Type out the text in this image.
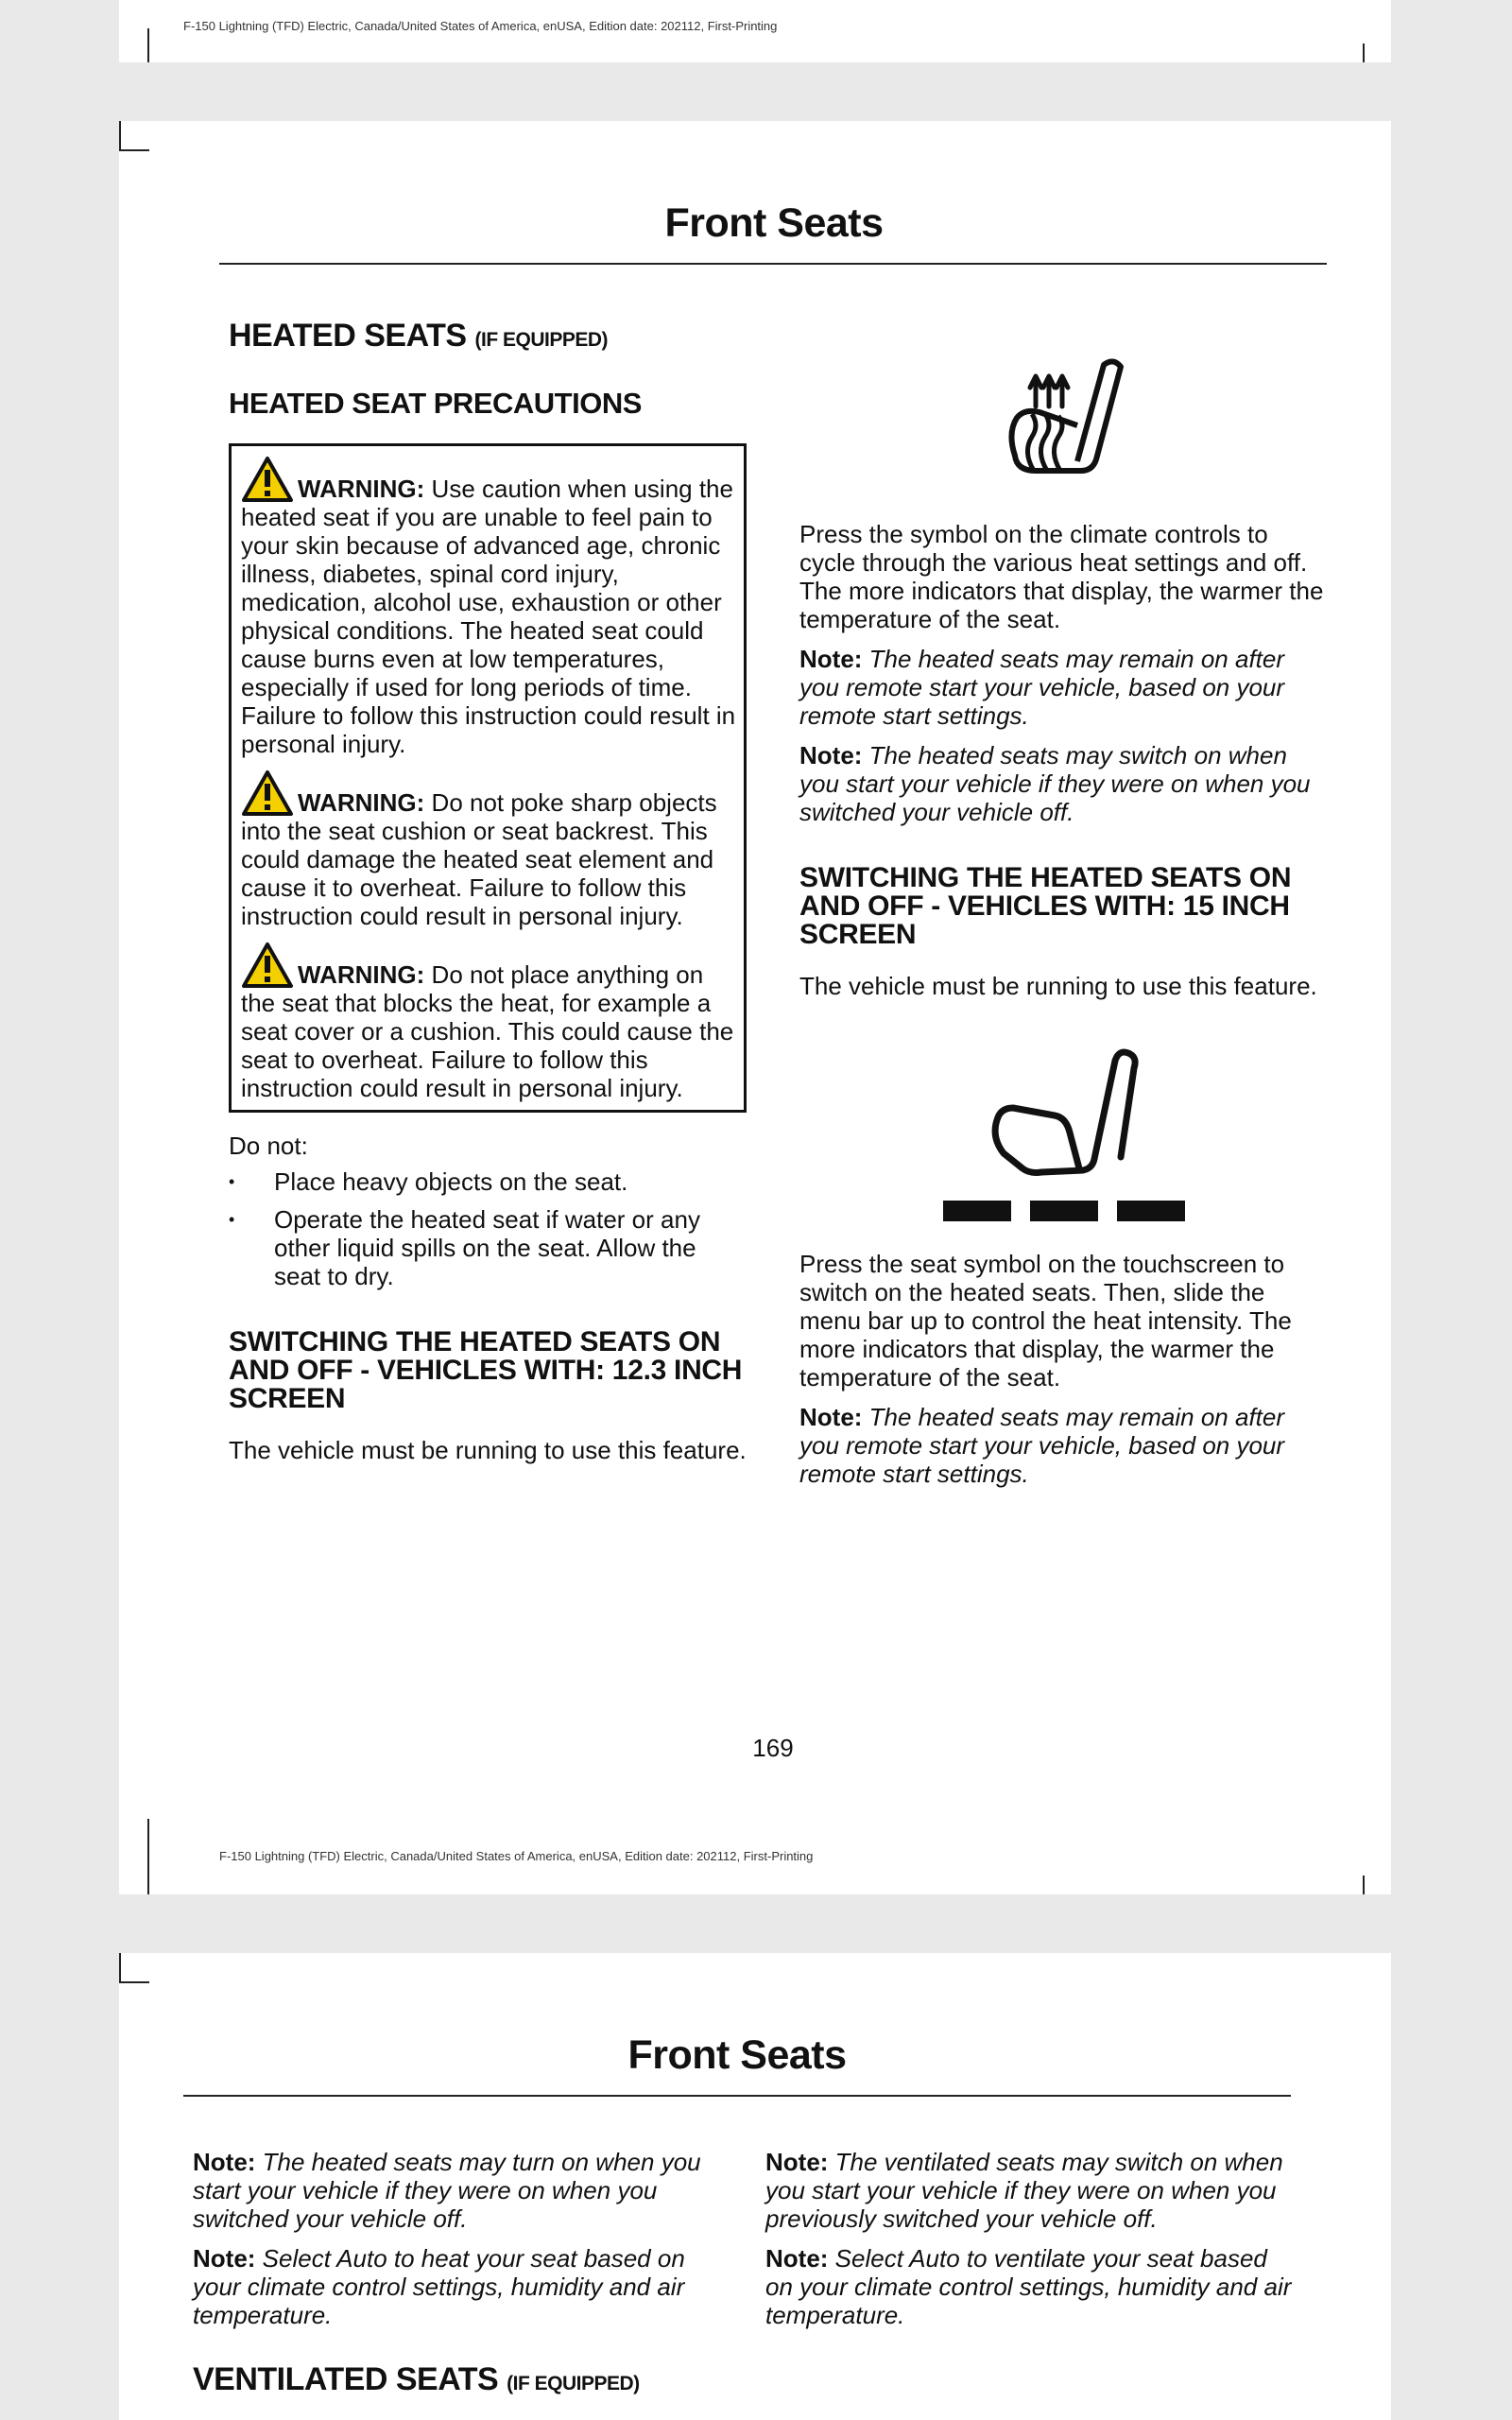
F-150 Lightning (TFD) Electric, Canada/United States of America, enUSA, Edition date: 202112, First-Printing
Front Seats

HEATED SEATS (IF EQUIPPED)

HEATED SEAT PRECAUTIONS

WARNING: Use caution when using the heated seat if you are unable to feel pain to your skin because of advanced age, chronic illness, diabetes, spinal cord injury, medication, alcohol use, exhaustion or other physical conditions. The heated seat could cause burns even at low temperatures, especially if used for long periods of time. Failure to follow this instruction could result in personal injury.

WARNING: Do not poke sharp objects into the seat cushion or seat backrest. This could damage the heated seat element and cause it to overheat. Failure to follow this instruction could result in personal injury.

WARNING: Do not place anything on the seat that blocks the heat, for example a seat cover or a cushion. This could cause the seat to overheat. Failure to follow this instruction could result in personal injury.

Do not:

• Place heavy objects on the seat.
• Operate the heated seat if water or any other liquid spills on the seat. Allow the seat to dry.

SWITCHING THE HEATED SEATS ON AND OFF - VEHICLES WITH: 12.3 INCH SCREEN

The vehicle must be running to use this feature.

Press the symbol on the climate controls to cycle through the various heat settings and off. The more indicators that display, the warmer the temperature of the seat.

Note: The heated seats may remain on after you remote start your vehicle, based on your remote start settings.

Note: The heated seats may switch on when you start your vehicle if they were on when you switched your vehicle off.

SWITCHING THE HEATED SEATS ON AND OFF - VEHICLES WITH: 15 INCH SCREEN

The vehicle must be running to use this feature.

Press the seat symbol on the touchscreen to switch on the heated seats. Then, slide the menu bar up to control the heat intensity. The more indicators that display, the warmer the temperature of the seat.

Note: The heated seats may remain on after you remote start your vehicle, based on your remote start settings.

169
F-150 Lightning (TFD) Electric, Canada/United States of America, enUSA, Edition date: 202112, First-Printing
Front Seats

Note: The heated seats may turn on when you start your vehicle if they were on when you switched your vehicle off.

Note: Select Auto to heat your seat based on your climate control settings, humidity and air temperature.

VENTILATED SEATS (IF EQUIPPED)

Note: The ventilated seats may switch on when you start your vehicle if they were on when you previously switched your vehicle off.

Note: Select Auto to ventilate your seat based on your climate control settings, humidity and air temperature.
